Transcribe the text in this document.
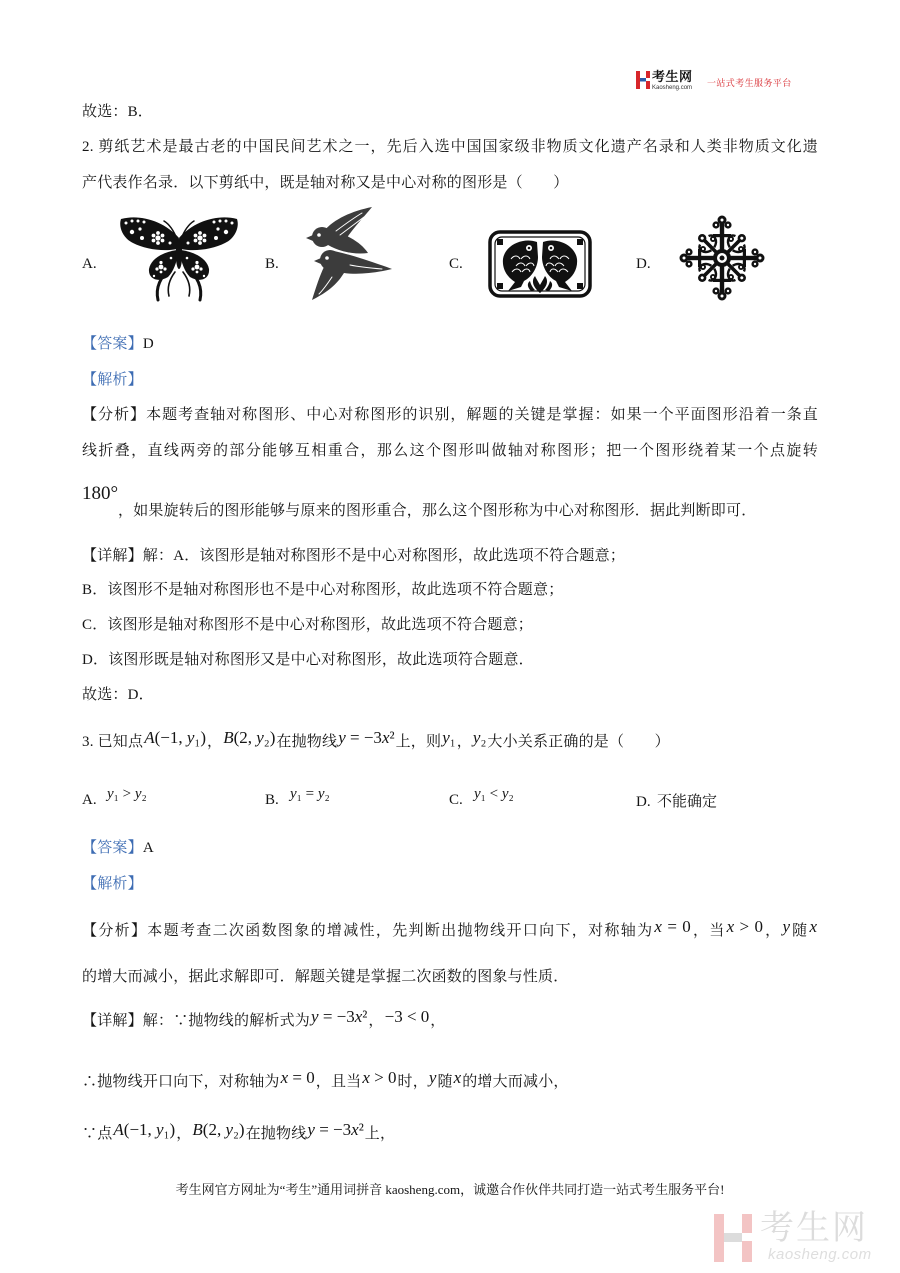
考生网
Kaosheng.com 一站式考生服务平台
故选：B．
2. 剪纸艺术是最古老的中国民间艺术之一，先后入选中国国家级非物质文化遗产名录和人类非物质文化遗
产代表作名录．以下剪纸中，既是轴对称又是中心对称的图形是（　　）
A.	B.	C.	D.
【答案】D
【解析】
【分析】本题考查轴对称图形、中心对称图形的识别，解题的关键是掌握：如果一个平面图形沿着一条直
线折叠，直线两旁的部分能够互相重合，那么这个图形叫做轴对称图形；把一个图形绕着某一个点旋转
180°
，如果旋转后的图形能够与原来的图形重合，那么这个图形称为中心对称图形．据此判断即可．
【详解】解：A．该图形是轴对称图形不是中心对称图形，故此选项不符合题意；
B．该图形不是轴对称图形也不是中心对称图形，故此选项不符合题意；
C．该图形是轴对称图形不是中心对称图形，故此选项不符合题意；
D．该图形既是轴对称图形又是中心对称图形，故此选项符合题意．
故选：D．
3. 已知点A(−1, y₁)，B(2, y₂)在抛物线y = −3x²上，则y₁，y₂大小关系正确的是（　　）
A. y₁ > y₂	B. y₁ = y₂	C. y₁ < y₂	D. 不能确定
【答案】A
【解析】
【分析】本题考查二次函数图象的增减性，先判断出抛物线开口向下，对称轴为x = 0，当x > 0，y随x
的增大而减小，据此求解即可．解题关键是掌握二次函数的图象与性质．
【详解】解：∵抛物线的解析式为y = −3x²，−3 < 0，
∴抛物线开口向下，对称轴为x = 0，且当x > 0时，y随x的增大而减小，
∵点A(−1, y₁)，B(2, y₂)在抛物线y = −3x²上，
考生网官方网址为“考生”通用词拼音 kaosheng.com，诚邀合作伙伴共同打造一站式考生服务平台!
考生网
kaosheng.com
